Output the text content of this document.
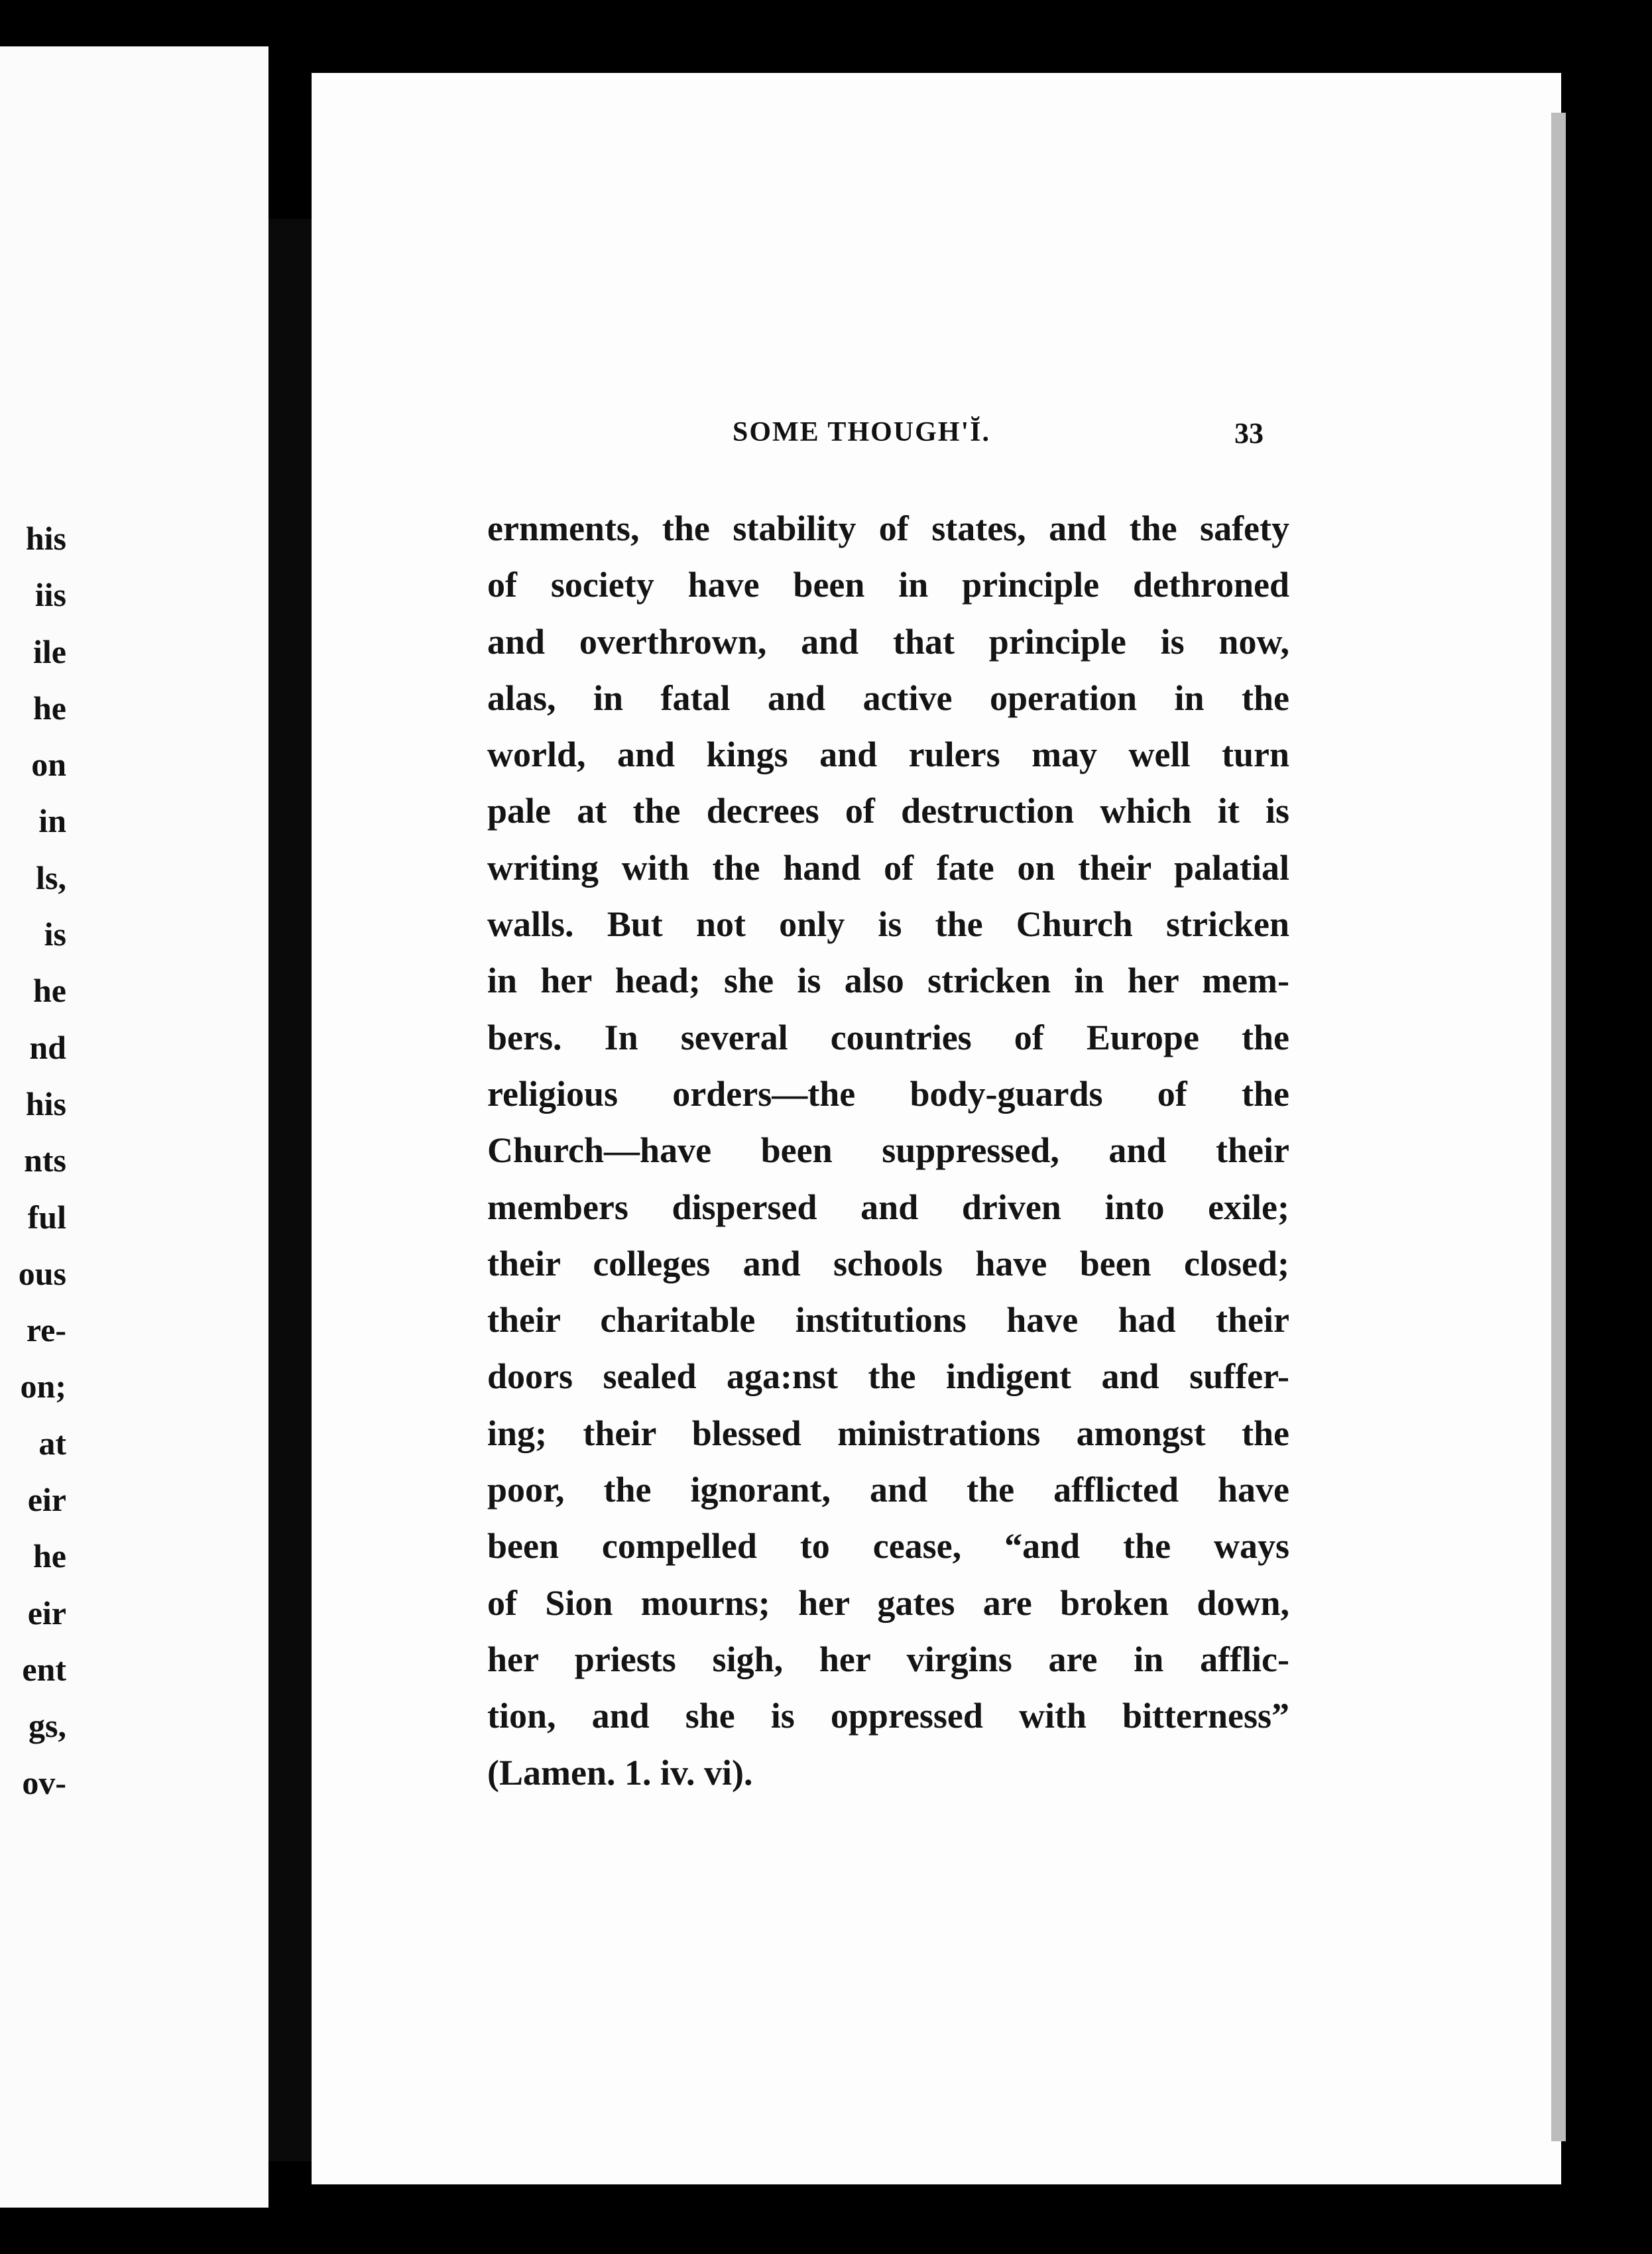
his
iis
ile
he
on
in
ls,
is
he
nd
his
nts
ful
ous
re-
on;
at
eir
he
eir
ent
gs,
ov-
SOME THOUGH'Ĭ.	33
ernments, the stability of states, and the safety
of society have been in principle dethroned
and overthrown, and that principle is now,
alas, in fatal and active operation in the
world, and kings and rulers may well turn
pale at the decrees of destruction which it is
writing with the hand of fate on their palatial
walls. But not only is the Church stricken
in her head; she is also stricken in her mem-
bers. In several countries of Europe the
religious orders—the body-guards of the
Church—have been suppressed, and their
members dispersed and driven into exile;
their colleges and schools have been closed;
their charitable institutions have had their
doors sealed aga:nst the indigent and suffer-
ing; their blessed ministrations amongst the
poor, the ignorant, and the afflicted have
been compelled to cease, “and the ways
of Sion mourns; her gates are broken down,
her priests sigh, her virgins are in afflic-
tion, and she is oppressed with bitterness”
(Lamen. 1. iv. vi).
